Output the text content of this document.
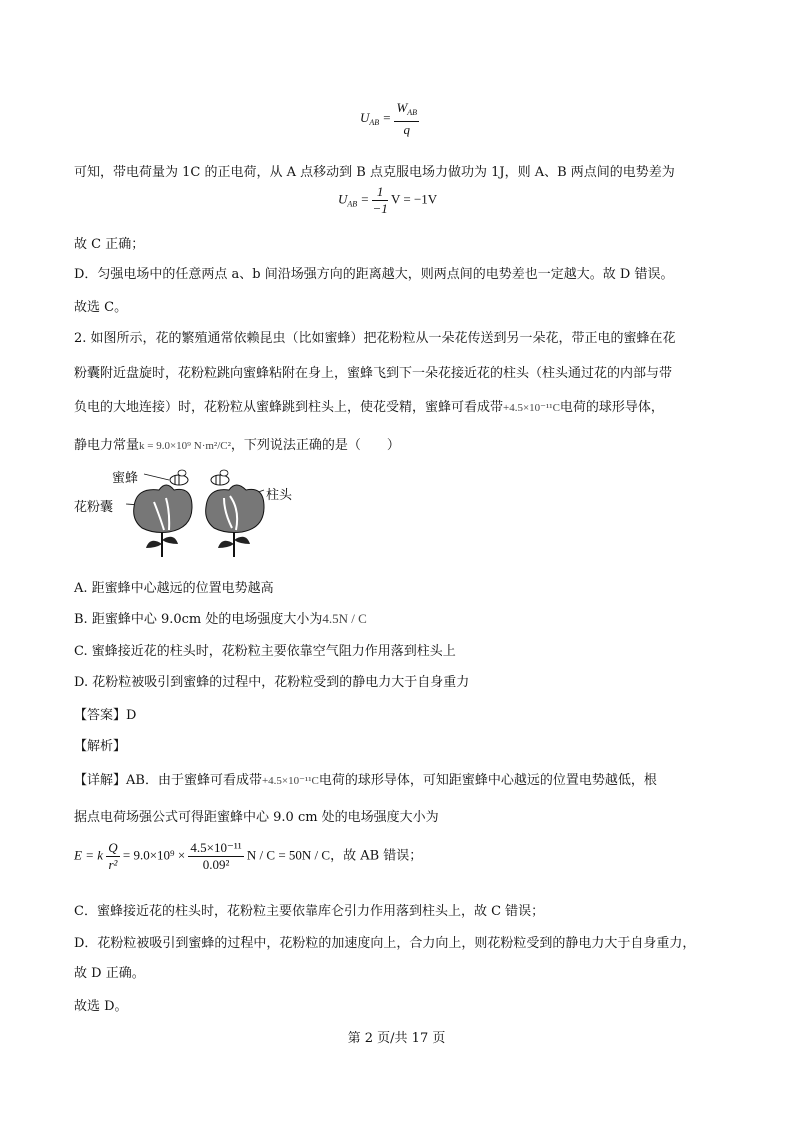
$U_{AB} = \frac{W_{AB}}{q}$
可知，带电荷量为 1C 的正电荷，从 A 点移动到 B 点克服电场力做功为 1J，则 A、B 两点间的电势差为
$U_{AB} = \frac{1}{-1}$ V = −1V
故 C 正确；
D．匀强电场中的任意两点 a、b 间沿场强方向的距离越大，则两点间的电势差也一定越大。故 D 错误。
故选 C。
2. 如图所示，花的繁殖通常依赖昆虫（比如蜜蜂）把花粉粒从一朵花传送到另一朵花，带正电的蜜蜂在花
粉囊附近盘旋时，花粉粒跳向蜜蜂粘附在身上，蜜蜂飞到下一朵花接近花的柱头（柱头通过花的内部与带
负电的大地连接）时，花粉粒从蜜蜂跳到柱头上，使花受精，蜜蜂可看成带+4.5×10⁻¹¹C电荷的球形导体，
静电力常量k = 9.0×10⁹ N·m²/C²，下列说法正确的是（　　）
蜜蜂
花粉囊
柱头
A. 距蜜蜂中心越远的位置电势越高
B. 距蜜蜂中心 9.0cm 处的电场强度大小为4.5N / C
C. 蜜蜂接近花的柱头时，花粉粒主要依靠空气阻力作用落到柱头上
D. 花粉粒被吸引到蜜蜂的过程中，花粉粒受到的静电力大于自身重力
【答案】D
【解析】
【详解】AB．由于蜜蜂可看成带+4.5×10⁻¹¹C电荷的球形导体，可知距蜜蜂中心越远的位置电势越低，根
据点电荷场强公式可得距蜜蜂中心 9.0 cm 处的电场强度大小为
E = k $\frac{Q}{\text{r²}} = 9.0\times 10^9 \times \frac{\text{4.5×10⁻¹¹}}{\text{0.09²}}$ N / C = 50N / C，故 AB 错误；
C．蜜蜂接近花的柱头时，花粉粒主要依靠库仑引力作用落到柱头上，故 C 错误；
D．花粉粒被吸引到蜜蜂的过程中，花粉粒的加速度向上，合力向上，则花粉粒受到的静电力大于自身重力，
故 D 正确。
故选 D。
第 2 页/共 17 页
